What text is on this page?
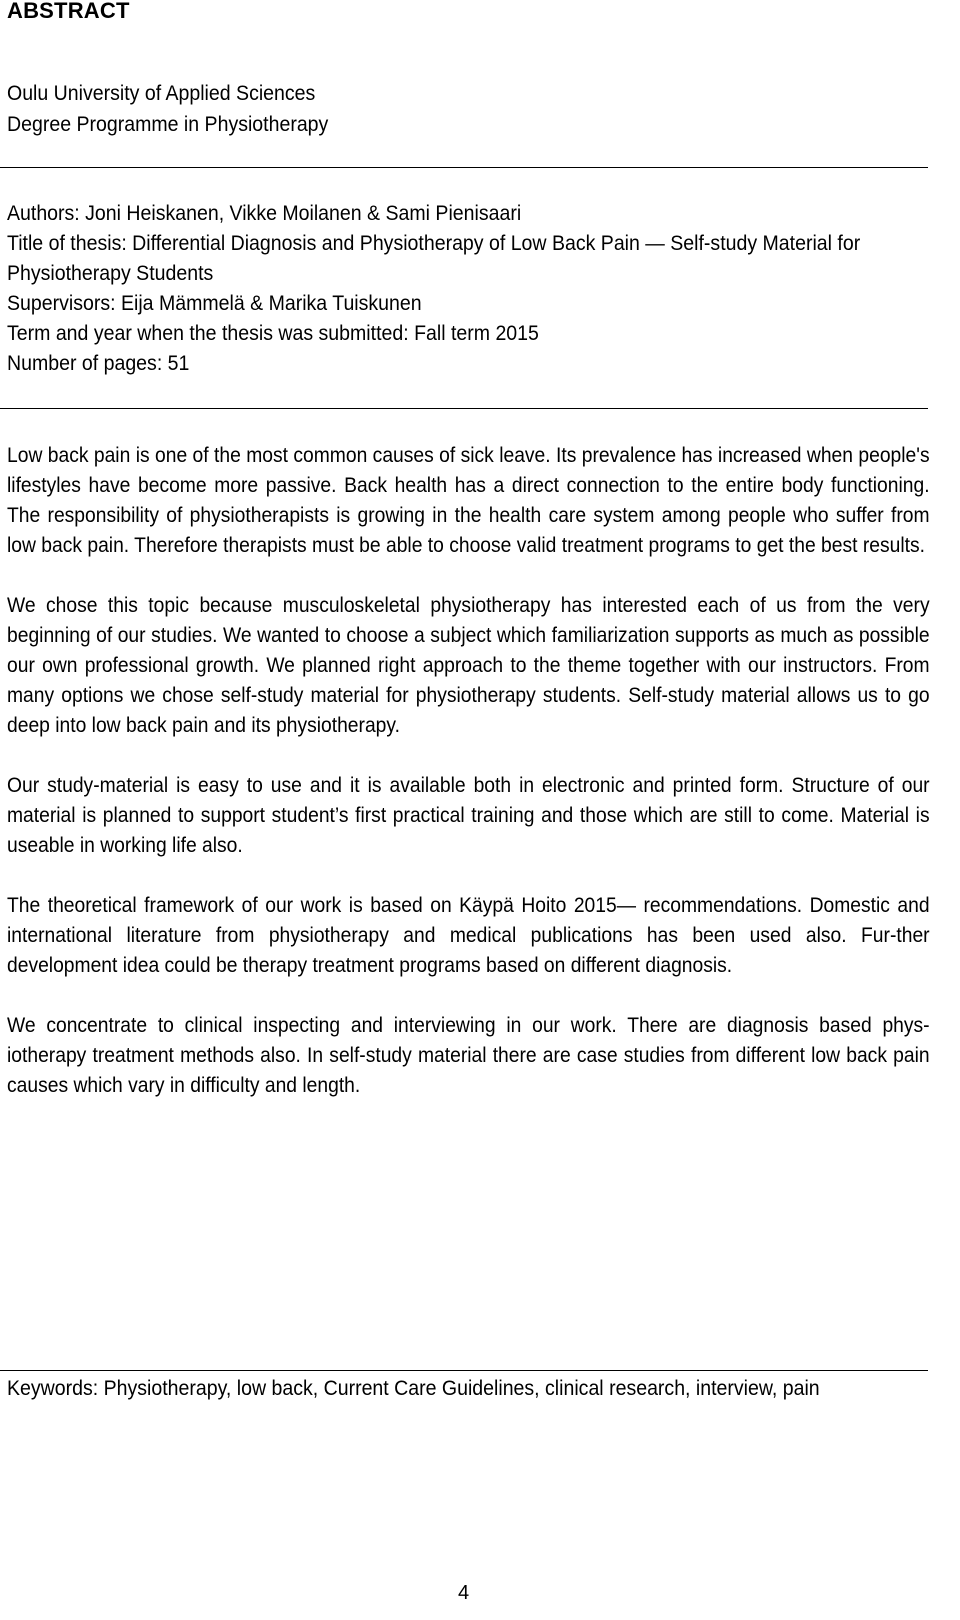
ABSTRACT
Oulu University of Applied Sciences
Degree Programme in Physiotherapy
Authors: Joni Heiskanen, Vikke Moilanen & Sami Pienisaari
Title of thesis: Differential Diagnosis and Physiotherapy of Low Back Pain — Self-study Material for
Physiotherapy Students
Supervisors: Eija Mämmelä & Marika Tuiskunen
Term and year when the thesis was submitted: Fall term 2015
Number of pages: 51

Low back pain is one of the most common causes of sick leave. Its prevalence has increased when people's lifestyles have become more passive. Back health has a direct connection to the entire body functioning. The responsibility of physiotherapists is growing in the health care system among people who suffer from low back pain. Therefore therapists must be able to choose valid treatment programs to get the best results.

We chose this topic because musculoskeletal physiotherapy has interested each of us from the very beginning of our studies. We wanted to choose a subject which familiarization supports as much as possible our own professional growth. We planned right approach to the theme together with our instructors. From many options we chose self-study material for physiotherapy students. Self-study material allows us to go deep into low back pain and its physiotherapy.

Our study-material is easy to use and it is available both in electronic and printed form. Structure of our material is planned to support student’s first practical training and those which are still to come. Material is useable in working life also.

The theoretical framework of our work is based on Käypä Hoito 2015— recommendations. Domestic and international literature from physiotherapy and medical publications has been used also. Fur-ther development idea could be therapy treatment programs based on different diagnosis.

We concentrate to clinical inspecting and interviewing in our work. There are diagnosis based phys-iotherapy treatment methods also. In self-study material there are case studies from different low back pain causes which vary in difficulty and length.

Keywords: Physiotherapy, low back, Current Care Guidelines, clinical research, interview, pain
4
